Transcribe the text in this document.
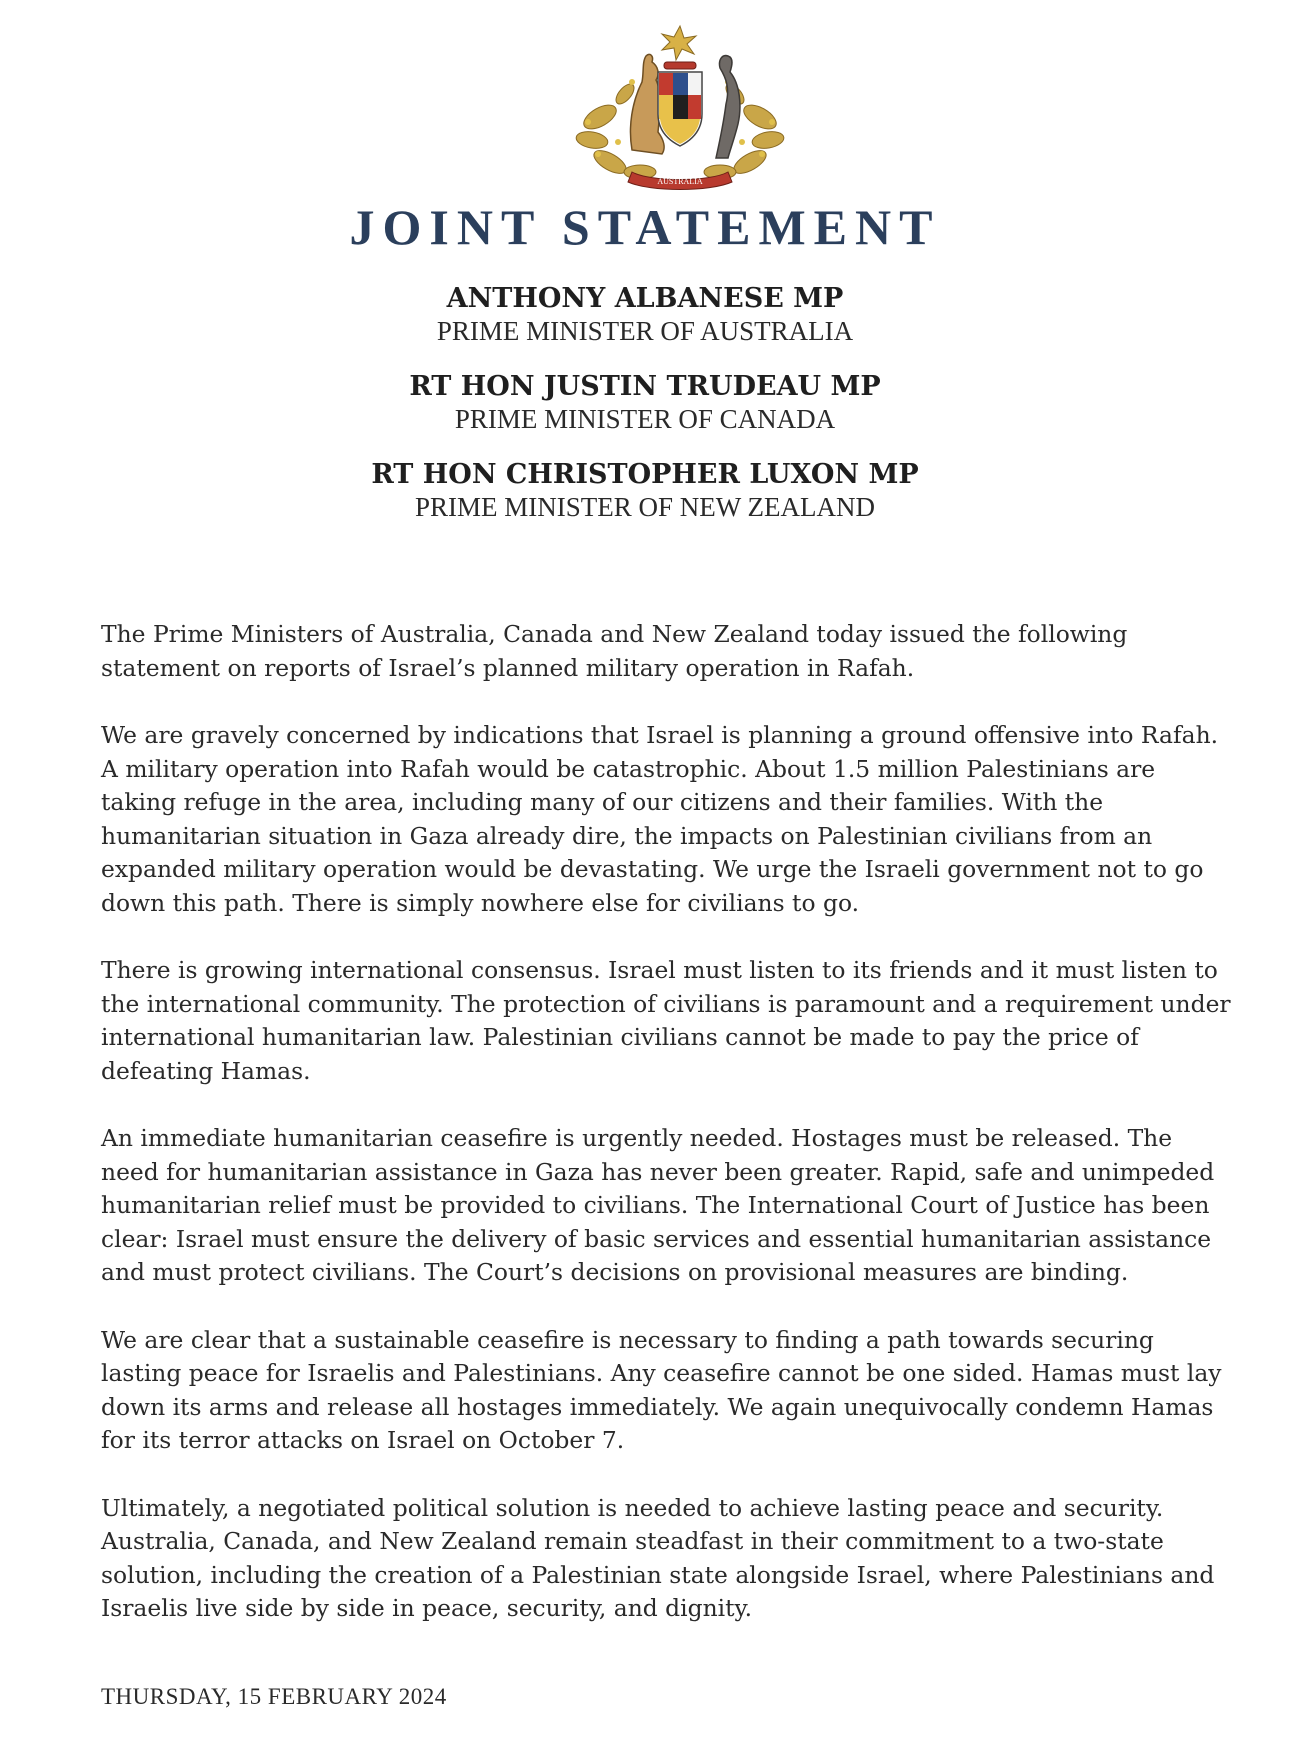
AUSTRALIA
JOINT STATEMENT
ANTHONY ALBANESE MP
PRIME MINISTER OF AUSTRALIA
RT HON JUSTIN TRUDEAU MP
PRIME MINISTER OF CANADA
RT HON CHRISTOPHER LUXON MP
PRIME MINISTER OF NEW ZEALAND

The Prime Ministers of Australia, Canada and New Zealand today issued the following statement on reports of Israel’s planned military operation in Rafah.

We are gravely concerned by indications that Israel is planning a ground offensive into Rafah. A military operation into Rafah would be catastrophic. About 1.5 million Palestinians are taking refuge in the area, including many of our citizens and their families. With the humanitarian situation in Gaza already dire, the impacts on Palestinian civilians from an expanded military operation would be devastating. We urge the Israeli government not to go down this path. There is simply nowhere else for civilians to go.

There is growing international consensus. Israel must listen to its friends and it must listen to the international community. The protection of civilians is paramount and a requirement under international humanitarian law. Palestinian civilians cannot be made to pay the price of defeating Hamas.

An immediate humanitarian ceasefire is urgently needed. Hostages must be released. The need for humanitarian assistance in Gaza has never been greater. Rapid, safe and unimpeded humanitarian relief must be provided to civilians. The International Court of Justice has been clear: Israel must ensure the delivery of basic services and essential humanitarian assistance and must protect civilians. The Court’s decisions on provisional measures are binding.

We are clear that a sustainable ceasefire is necessary to finding a path towards securing lasting peace for Israelis and Palestinians. Any ceasefire cannot be one sided. Hamas must lay down its arms and release all hostages immediately. We again unequivocally condemn Hamas for its terror attacks on Israel on October 7.

Ultimately, a negotiated political solution is needed to achieve lasting peace and security. Australia, Canada, and New Zealand remain steadfast in their commitment to a two-state solution, including the creation of a Palestinian state alongside Israel, where Palestinians and Israelis live side by side in peace, security, and dignity.

THURSDAY, 15 FEBRUARY 2024
